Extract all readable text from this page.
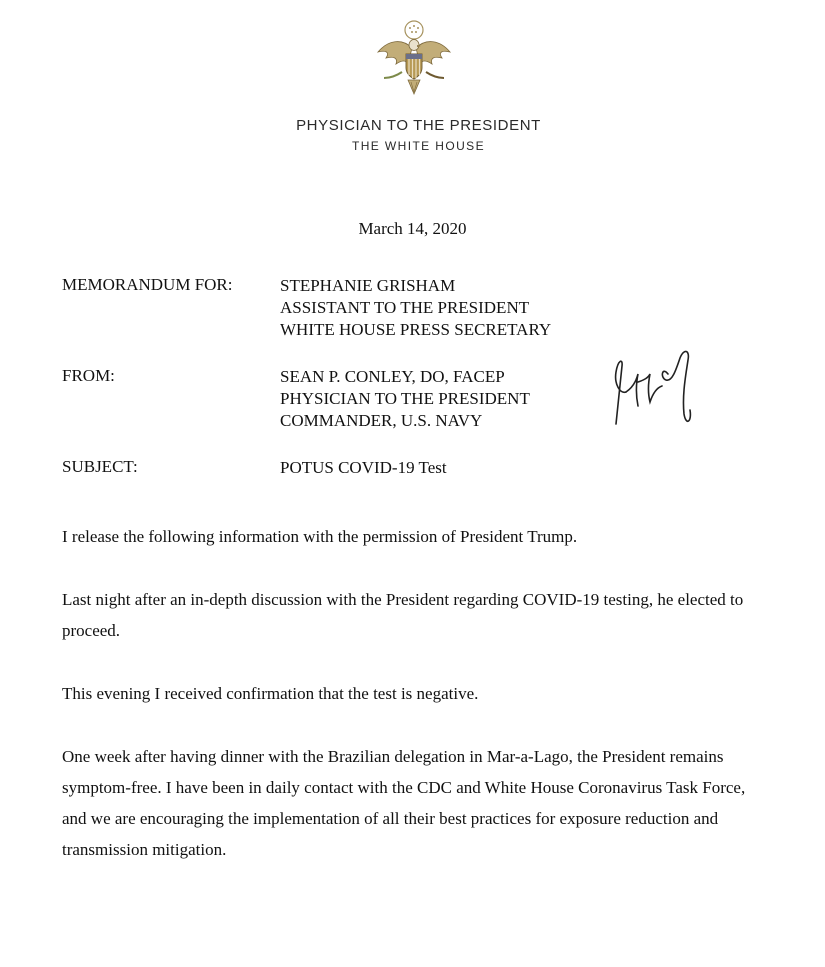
PHYSICIAN TO THE PRESIDENT
THE WHITE HOUSE
March 14, 2020
MEMORANDUM FOR:	STEPHANIE GRISHAM
ASSISTANT TO THE PRESIDENT
WHITE HOUSE PRESS SECRETARY
FROM:	SEAN P. CONLEY, DO, FACEP
PHYSICIAN TO THE PRESIDENT
COMMANDER, U.S. NAVY
SUBJECT:	POTUS COVID-19 Test
I release the following information with the permission of President Trump.
Last night after an in-depth discussion with the President regarding COVID-19 testing, he elected to proceed.
This evening I received confirmation that the test is negative.
One week after having dinner with the Brazilian delegation in Mar-a-Lago, the President remains symptom-free. I have been in daily contact with the CDC and White House Coronavirus Task Force, and we are encouraging the implementation of all their best practices for exposure reduction and transmission mitigation.
